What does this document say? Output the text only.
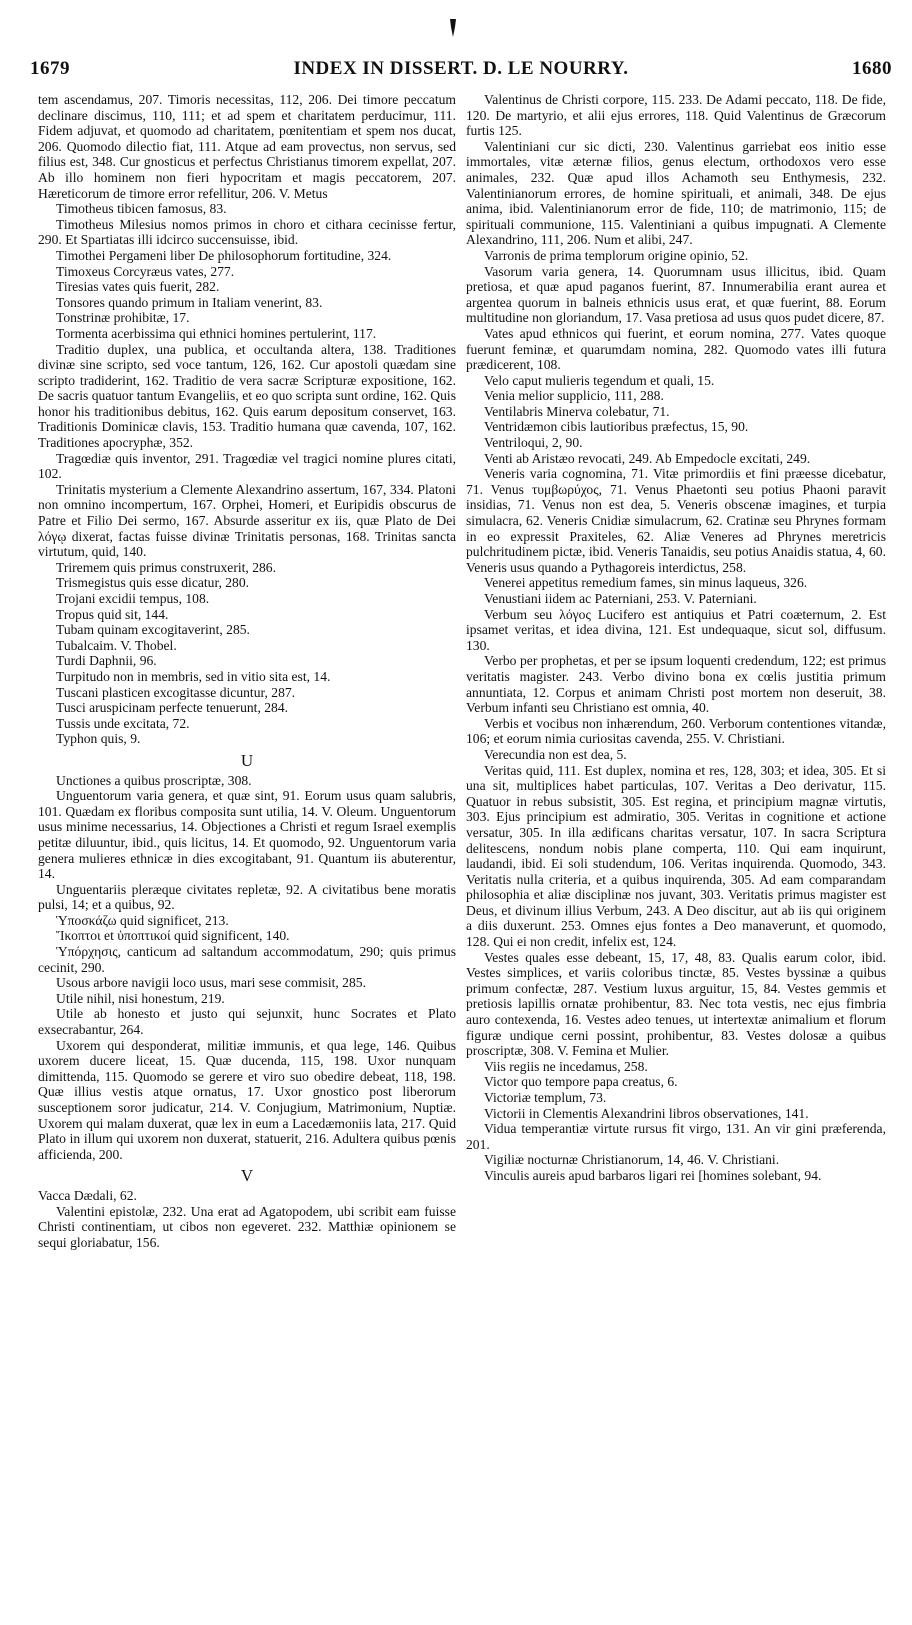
1679	INDEX IN DISSERT. D. LE NOURRY.	1680

tem ascendamus, 207. Timoris necessitas, 112, 206. Dei timore peccatum declinare discimus, 110, 111; et ad spem et charitatem perducimur, 111. Fidem adjuvat, et quomodo ad charitatem, pœnitentiam et spem nos ducat, 206. Quomodo dilectio fiat, 111. Atque ad eam provectus, non servus, sed filius est, 348. Cur gnosticus et perfectus Christianus timorem expellat, 207. Ab illo hominem non fieri hypocritam et magis peccatorem, 207. Hæreticorum de timore error refellitur, 206. V. Metus

Timotheus tibicen famosus, 83.

Timotheus Milesius nomos primos in choro et cithara cecinisse fertur, 290. Et Spartiatas illi idcirco succensuisse, ibid.

Timothei Pergameni liber De philosophorum fortitudine, 324.

Timoxeus Corcyræus vates, 277.

Tiresias vates quis fuerit, 282.

Tonsores quando primum in Italiam venerint, 83.

Tonstrinæ prohibitæ, 17.

Tormenta acerbissima qui ethnici homines pertulerint, 117.

Traditio duplex, una publica, et occultanda altera, 138. Traditiones divinæ sine scripto, sed voce tantum, 126, 162. Cur apostoli quædam sine scripto tradiderint, 162. Traditio de vera sacræ Scripturæ expositione, 162. De sacris quatuor tantum Evangeliis, et eo quo scripta sunt ordine, 162. Quis honor his traditionibus debitus, 162. Quis earum depositum conservet, 163. Traditionis Dominicæ clavis, 153. Traditio humana quæ cavenda, 107, 162. Traditiones apocryphæ, 352.

Tragœdiæ quis inventor, 291. Tragœdiæ vel tragici nomine plures citati, 102.

Trinitatis mysterium a Clemente Alexandrino assertum, 167, 334. Platoni non omnino incompertum, 167. Orphei, Homeri, et Euripidis obscurus de Patre et Filio Dei sermo, 167. Absurde asseritur ex iis, quæ Plato de Dei λόγῳ dixerat, factas fuisse divinæ Trinitatis personas, 168. Trinitas sancta virtutum, quid, 140.

Triremem quis primus construxerit, 286.

Trismegistus quis esse dicatur, 280.

Trojani excidii tempus, 108.

Tropus quid sit, 144.

Tubam quinam excogitaverint, 285.

Tubalcaim. V. Thobel.

Turdi Daphnii, 96.

Turpitudo non in membris, sed in vitio sita est, 14.

Tuscani plasticen excogitasse dicuntur, 287.

Tusci aruspicinam perfecte tenuerunt, 284.

Tussis unde excitata, 72.

Typhon quis, 9.

U

Unctiones a quibus proscriptæ, 308.

Unguentorum varia genera, et quæ sint, 91. Eorum usus quam salubris, 101. Quædam ex floribus composita sunt utilia, 14. V. Oleum. Unguentorum usus minime necessarius, 14. Objectiones a Christi et regum Israel exemplis petitæ diluuntur, ibid., quis licitus, 14. Et quomodo, 92. Unguentorum varia genera mulieres ethnicæ in dies excogitabant, 91. Quantum iis abuterentur, 14.

Unguentariis pleræque civitates repletæ, 92. A civitatibus bene moratis pulsi, 14; et a quibus, 92.

Ὑποσκάζω quid significet, 213.

Ἴκοπτοι et ὑποπτικοί quid significent, 140.

Ὑπόρχησις, canticum ad saltandum accommodatum, 290; quis primus cecinit, 290.

Usous arbore navigii loco usus, mari sese commisit, 285.

Utile nihil, nisi honestum, 219.

Utile ab honesto et justo qui sejunxit, hunc Socrates et Plato exsecrabantur, 264.

Uxorem qui desponderat, militiæ immunis, et qua lege, 146. Quibus uxorem ducere liceat, 15. Quæ ducenda, 115, 198. Uxor nunquam dimittenda, 115. Quomodo se gerere et viro suo obedire debeat, 118, 198. Quæ illius vestis atque ornatus, 17. Uxor gnostico post liberorum susceptionem soror judicatur, 214. V. Conjugium, Matrimonium, Nuptiæ. Uxorem qui malam duxerat, quæ lex in eum a Lacedæmoniis lata, 217. Quid Plato in illum qui uxorem non duxerat, statuerit, 216. Adultera quibus pœnis afficienda, 200.

V

Vacca Dædali, 62.

Valentini epistolæ, 232. Una erat ad Agatopodem, ubi scribit eam fuisse Christi continentiam, ut cibos non egeveret. 232. Matthiæ opinionem se sequi gloriabatur, 156.

Valentinus de Christi corpore, 115. 233. De Adami peccato, 118. De fide, 120. De martyrio, et alii ejus errores, 118. Quid Valentinus de Græcorum furtis 125.

Valentiniani cur sic dicti, 230. Valentinus garriebat eos initio esse immortales, vitæ æternæ filios, genus electum, orthodoxos vero esse animales, 232. Quæ apud illos Achamoth seu Enthymesis, 232. Valentinianorum errores, de homine spirituali, et animali, 348. De ejus anima, ibid. Valentinianorum error de fide, 110; de matrimonio, 115; de spirituali communione, 115. Valentiniani a quibus impugnati. A Clemente Alexandrino, 111, 206. Num et alibi, 247.

Varronis de prima templorum origine opinio, 52.

Vasorum varia genera, 14. Quorumnam usus illicitus, ibid. Quam pretiosa, et quæ apud paganos fuerint, 87. Innumerabilia erant aurea et argentea quorum in balneis ethnicis usus erat, et quæ fuerint, 88. Eorum multitudine non gloriandum, 17. Vasa pretiosa ad usus quos pudet dicere, 87.

Vates apud ethnicos qui fuerint, et eorum nomina, 277. Vates quoque fuerunt feminæ, et quarumdam nomina, 282. Quomodo vates illi futura prædicerent, 108.

Velo caput mulieris tegendum et quali, 15.

Venia melior supplicio, 111, 288.

Ventilabris Minerva colebatur, 71.

Ventridæmon cibis lautioribus præfectus, 15, 90.

Ventriloqui, 2, 90.

Venti ab Aristæo revocati, 249. Ab Empedocle excitati, 249.

Veneris varia cognomina, 71. Vitæ primordiis et fini præesse dicebatur, 71. Venus τυμβωρύχος, 71. Venus Phaetonti seu potius Phaoni paravit insidias, 71. Venus non est dea, 5. Veneris obscenæ imagines, et turpia simulacra, 62. Veneris Cnidiæ simulacrum, 62. Cratinæ seu Phrynes formam in eo expressit Praxiteles, 62. Aliæ Veneres ad Phrynes meretricis pulchritudinem pictæ, ibid. Veneris Tanaidis, seu potius Anaidis statua, 4, 60. Veneris usus quando a Pythagoreis interdictus, 258.

Venerei appetitus remedium fames, sin minus laqueus, 326.

Venustiani iidem ac Paterniani, 253. V. Paterniani.

Verbum seu λόγος Lucifero est antiquius et Patri coæternum, 2. Est ipsamet veritas, et idea divina, 121. Est undequaque, sicut sol, diffusum. 130.

Verbo per prophetas, et per se ipsum loquenti credendum, 122; est primus veritatis magister. 243. Verbo divino bona ex cœlis justitia primum annuntiata, 12. Corpus et animam Christi post mortem non deseruit, 38. Verbum infanti seu Christiano est omnia, 40.

Verbis et vocibus non inhærendum, 260. Verborum contentiones vitandæ, 106; et eorum nimia curiositas cavenda, 255. V. Christiani.

Verecundia non est dea, 5.

Veritas quid, 111. Est duplex, nomina et res, 128, 303; et idea, 305. Et si una sit, multiplices habet particulas, 107. Veritas a Deo derivatur, 115. Quatuor in rebus subsistit, 305. Est regina, et principium magnæ virtutis, 303. Ejus principium est admiratio, 305. Veritas in cognitione et actione versatur, 305. In illa ædificans charitas versatur, 107. In sacra Scriptura delitescens, nondum nobis plane comperta, 110. Qui eam inquirunt, laudandi, ibid. Ei soli studendum, 106. Veritas inquirenda. Quomodo, 343. Veritatis nulla criteria, et a quibus inquirenda, 305. Ad eam comparandam philosophia et aliæ disciplinæ nos juvant, 303. Veritatis primus magister est Deus, et divinum illius Verbum, 243. A Deo discitur, aut ab iis qui originem a diis duxerunt. 253. Omnes ejus fontes a Deo manaverunt, et quomodo, 128. Qui ei non credit, infelix est, 124.

Vestes quales esse debeant, 15, 17, 48, 83. Qualis earum color, ibid. Vestes simplices, et variis coloribus tinctæ, 85. Vestes byssinæ a quibus primum confectæ, 287. Vestium luxus arguitur, 15, 84. Vestes gemmis et pretiosis lapillis ornatæ prohibentur, 83. Nec tota vestis, nec ejus fimbria auro contexenda, 16. Vestes adeo tenues, ut intertextæ animalium et florum figuræ undique cerni possint, prohibentur, 83. Vestes dolosæ a quibus proscriptæ, 308. V. Femina et Mulier.

Viis regiis ne incedamus, 258.

Victor quo tempore papa creatus, 6.

Victoriæ templum, 73.

Victorii in Clementis Alexandrini libros observationes, 141.

Vidua temperantiæ virtute rursus fit virgo, 131. An vir gini præferenda, 201.

Vigiliæ nocturnæ Christianorum, 14, 46. V. Christiani.

Vinculis aureis apud barbaros ligari rei [homines solebant, 94.
